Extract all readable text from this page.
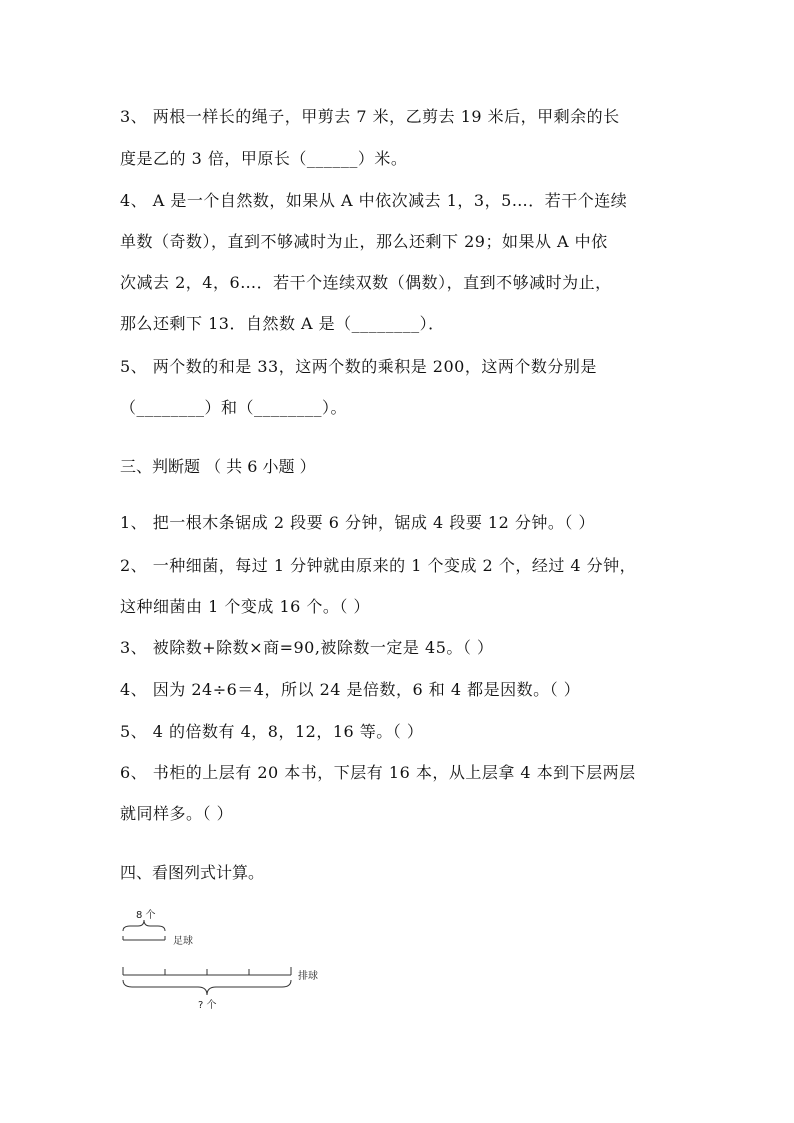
3、 两根一样长的绳子，甲剪去 7 米，乙剪去 19 米后，甲剩余的长
度是乙的 3 倍，甲原长（______）米。
4、 A 是一个自然数，如果从 A 中依次减去 1，3，5…．若干个连续
单数（奇数），直到不够减时为止，那么还剩下 29；如果从 A 中依
次减去 2，4，6…．若干个连续双数（偶数），直到不够减时为止，
那么还剩下 13．自然数 A 是（________）．
5、 两个数的和是 33，这两个数的乘积是 200，这两个数分别是
（________）和（________）。
三、判断题 （ 共 6 小题 ）
1、 把一根木条锯成 2 段要 6 分钟，锯成 4 段要 12 分钟。（ ）
2、 一种细菌，每过 1 分钟就由原来的 1 个变成 2 个，经过 4 分钟，
这种细菌由 1 个变成 16 个。（ ）
3、 被除数+除数×商=90,被除数一定是 45。（ ）
4、 因为 24÷6＝4，所以 24 是倍数，6 和 4 都是因数。（ ）
5、 4 的倍数有 4，8，12，16 等。（ ）
6、 书柜的上层有 20 本书，下层有 16 本，从上层拿 4 本到下层两层
就同样多。（ ）
四、看图列式计算。
8 个
足球
排球
? 个
